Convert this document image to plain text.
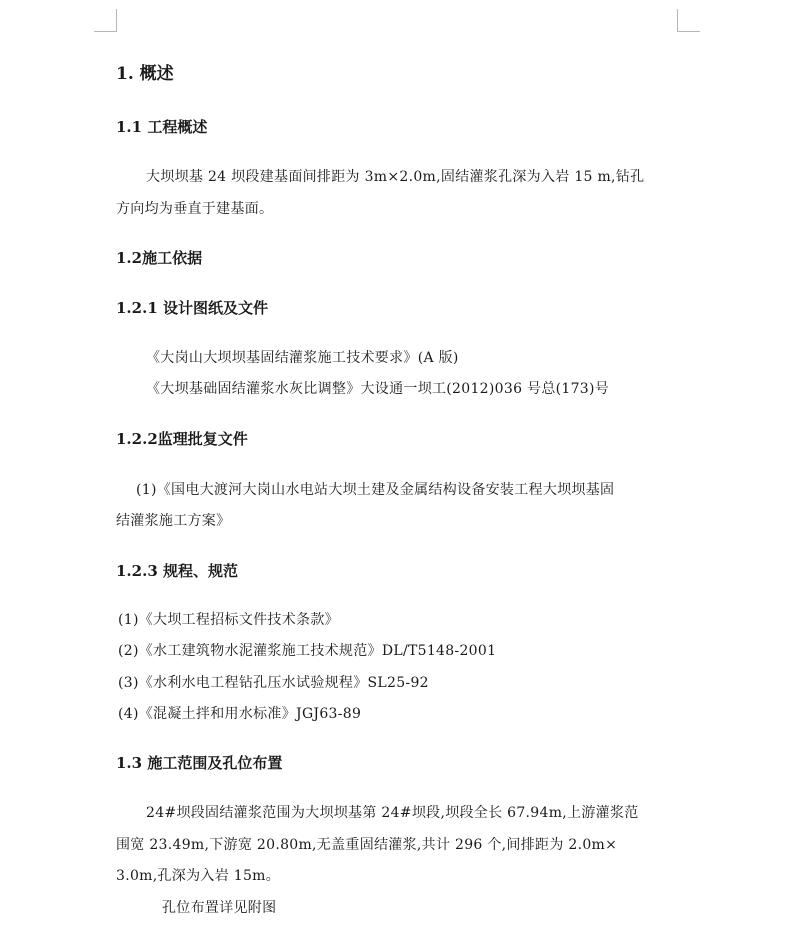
1. 概述
1.1 工程概述
大坝坝基 24 坝段建基面间排距为 3m×2.0m,固结灌浆孔深为入岩 15 m,钻孔
方向均为垂直于建基面。
1.2施工依据
1.2.1 设计图纸及文件
《大岗山大坝坝基固结灌浆施工技术要求》(A 版)
《大坝基础固结灌浆水灰比调整》大设通一坝工(2012)036 号总(173)号
1.2.2监理批复文件
(1)《国电大渡河大岗山水电站大坝土建及金属结构设备安装工程大坝坝基固
结灌浆施工方案》
1.2.3 规程、规范
(1)《大坝工程招标文件技术条款》
(2)《水工建筑物水泥灌浆施工技术规范》DL/T5148-2001
(3)《水利水电工程钻孔压水试验规程》SL25-92
(4)《混凝土拌和用水标准》JGJ63-89
1.3 施工范围及孔位布置
24#坝段固结灌浆范围为大坝坝基第 24#坝段,坝段全长 67.94m,上游灌浆范
围宽 23.49m,下游宽 20.80m,无盖重固结灌浆,共计 296 个,间排距为 2.0m×
3.0m,孔深为入岩 15m。
孔位布置详见附图
